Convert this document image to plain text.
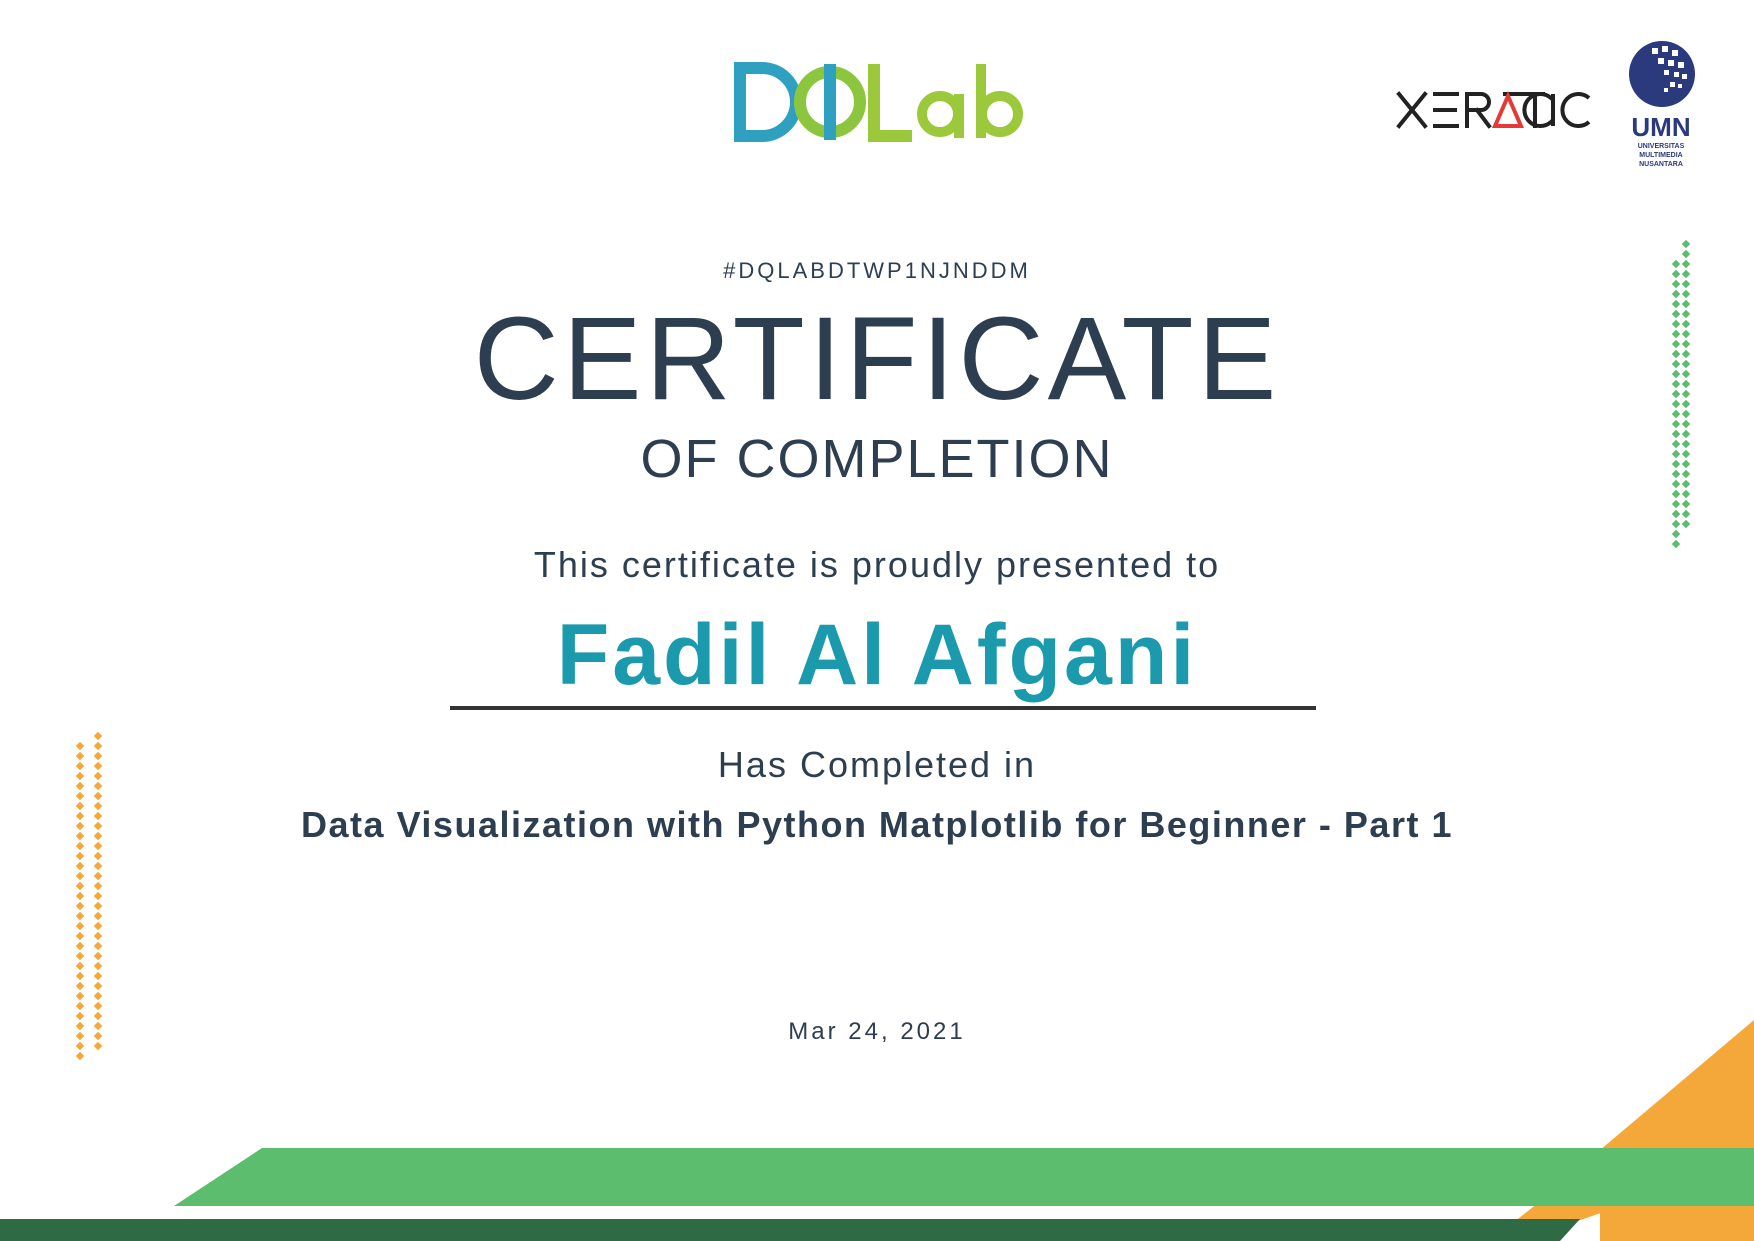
UMN
UNIVERSITAS
MULTIMEDIA
NUSANTARA
#DQLABDTWP1NJNDDM
CERTIFICATE
OF COMPLETION
This certificate is proudly presented to
Fadil Al Afgani
Has Completed in
Data Visualization with Python Matplotlib for Beginner - Part 1
Mar 24, 2021
